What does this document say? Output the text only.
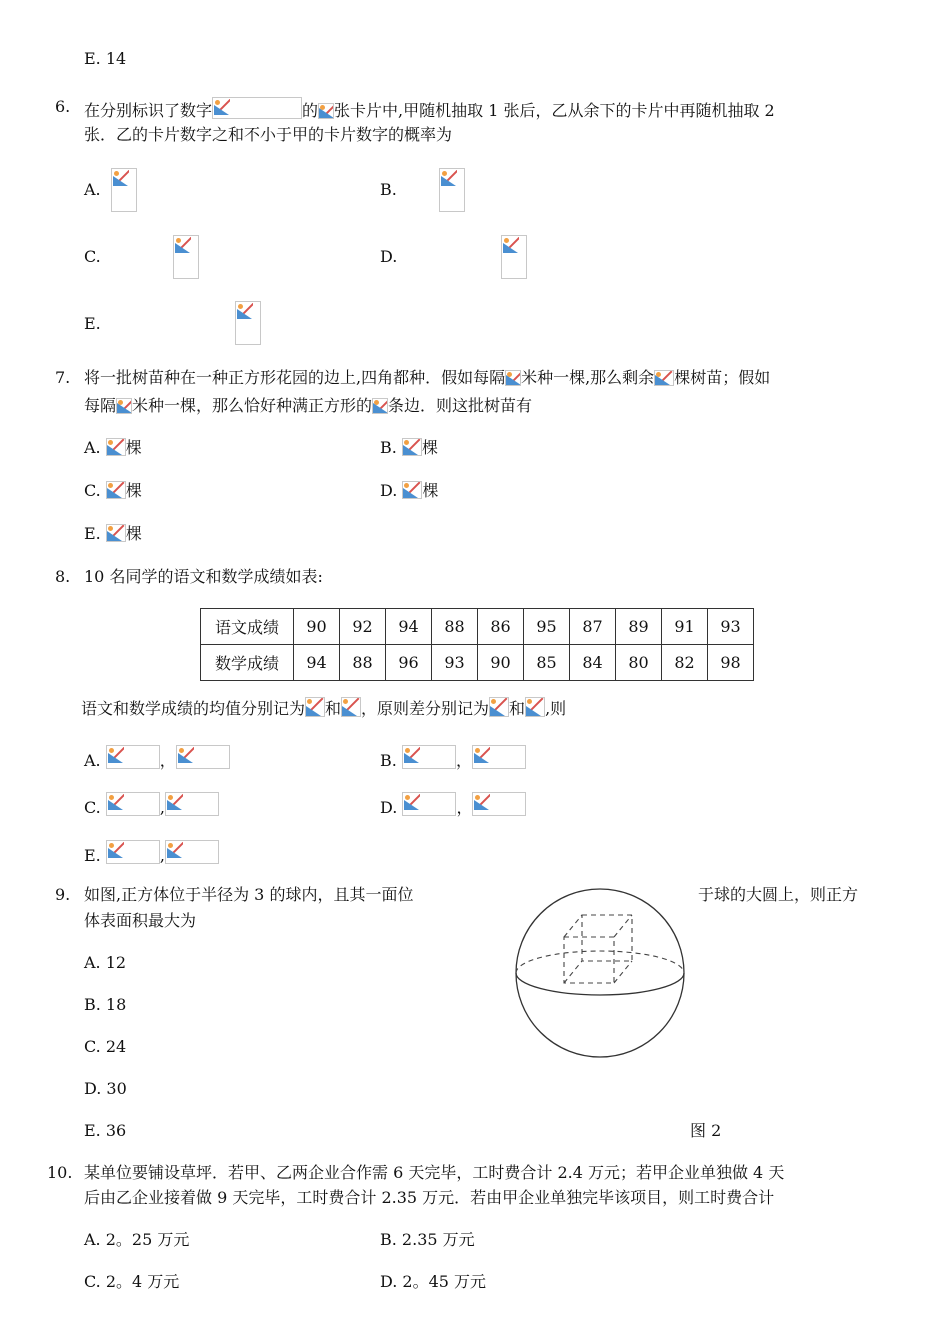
E. 14
6. 在分别标识了数字	的 张卡片中,甲随机抽取 1 张后，乙从余下的卡片中再随机抽取 2
张．乙的卡片数字之和不小于甲的卡片数字的概率为
A.
	B.

C.
	D.

E.
7. 将一批树苗种在一种正方形花园的边上,四角都种．假如每隔 米种一棵,那么剩余 棵树苗；假如
每隔 米种一棵，那么恰好种满正方形的 条边．则这批树苗有
A. 棵	B. 棵
C. 棵	D. 棵
E. 棵
8. 10 名同学的语文和数学成绩如表:
语文成绩	90	92	94	88	86	95	87	89	91	93
数学成绩	94	88	96	93	90	85	84	80	82	98
语文和数学成绩的均值分别记为 和 ，原则差分别记为 和 ,则
A.	，	B.	，
C.	,	D.	，
E.	,
9. 如图,正方体位于半径为 3 的球内，且其一面位	于球的大圆上，则正方
体表面积最大为
A. 12
B. 18
C. 24
D. 30
E. 36	图 2
10. 某单位要铺设草坪．若甲、乙两企业合作需 6 天完毕，工时费合计 2.4 万元；若甲企业单独做 4 天
后由乙企业接着做 9 天完毕，工时费合计 2.35 万元．若由甲企业单独完毕该项目，则工时费合计
A. 2。25 万元	B. 2.35 万元
C. 2。4 万元	D. 2。45 万元
